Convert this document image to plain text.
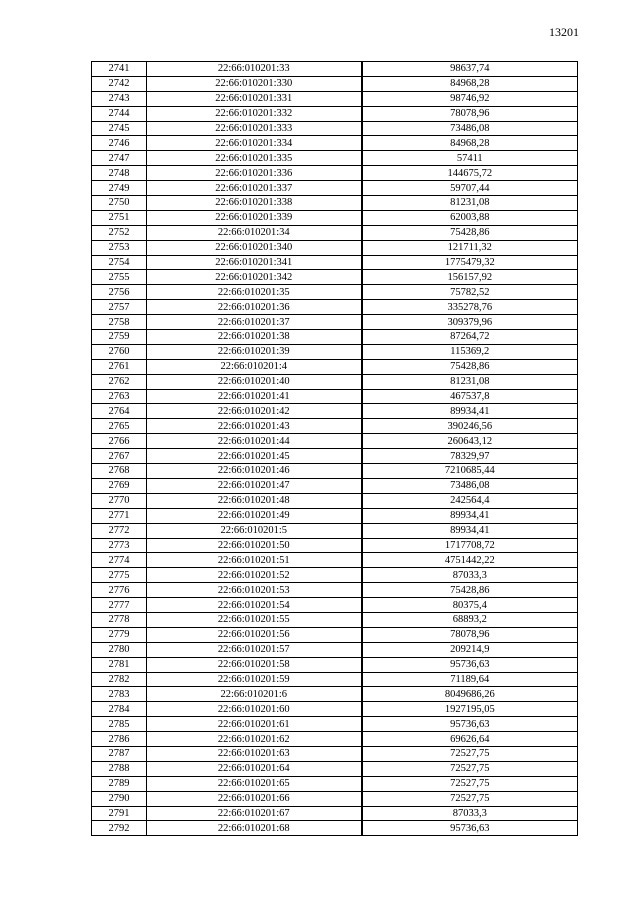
13201
2741	22:66:010201:33	98637,74
2742	22:66:010201:330	84968,28
2743	22:66:010201:331	98746,92
2744	22:66:010201:332	78078,96
2745	22:66:010201:333	73486,08
2746	22:66:010201:334	84968,28
2747	22:66:010201:335	57411
2748	22:66:010201:336	144675,72
2749	22:66:010201:337	59707,44
2750	22:66:010201:338	81231,08
2751	22:66:010201:339	62003,88
2752	22:66:010201:34	75428,86
2753	22:66:010201:340	121711,32
2754	22:66:010201:341	1775479,32
2755	22:66:010201:342	156157,92
2756	22:66:010201:35	75782,52
2757	22:66:010201:36	335278,76
2758	22:66:010201:37	309379,96
2759	22:66:010201:38	87264,72
2760	22:66:010201:39	115369,2
2761	22:66:010201:4	75428,86
2762	22:66:010201:40	81231,08
2763	22:66:010201:41	467537,8
2764	22:66:010201:42	89934,41
2765	22:66:010201:43	390246,56
2766	22:66:010201:44	260643,12
2767	22:66:010201:45	78329,97
2768	22:66:010201:46	7210685,44
2769	22:66:010201:47	73486,08
2770	22:66:010201:48	242564,4
2771	22:66:010201:49	89934,41
2772	22:66:010201:5	89934,41
2773	22:66:010201:50	1717708,72
2774	22:66:010201:51	4751442,22
2775	22:66:010201:52	87033,3
2776	22:66:010201:53	75428,86
2777	22:66:010201:54	80375,4
2778	22:66:010201:55	68893,2
2779	22:66:010201:56	78078,96
2780	22:66:010201:57	209214,9
2781	22:66:010201:58	95736,63
2782	22:66:010201:59	71189,64
2783	22:66:010201:6	8049686,26
2784	22:66:010201:60	1927195,05
2785	22:66:010201:61	95736,63
2786	22:66:010201:62	69626,64
2787	22:66:010201:63	72527,75
2788	22:66:010201:64	72527,75
2789	22:66:010201:65	72527,75
2790	22:66:010201:66	72527,75
2791	22:66:010201:67	87033,3
2792	22:66:010201:68	95736,63
